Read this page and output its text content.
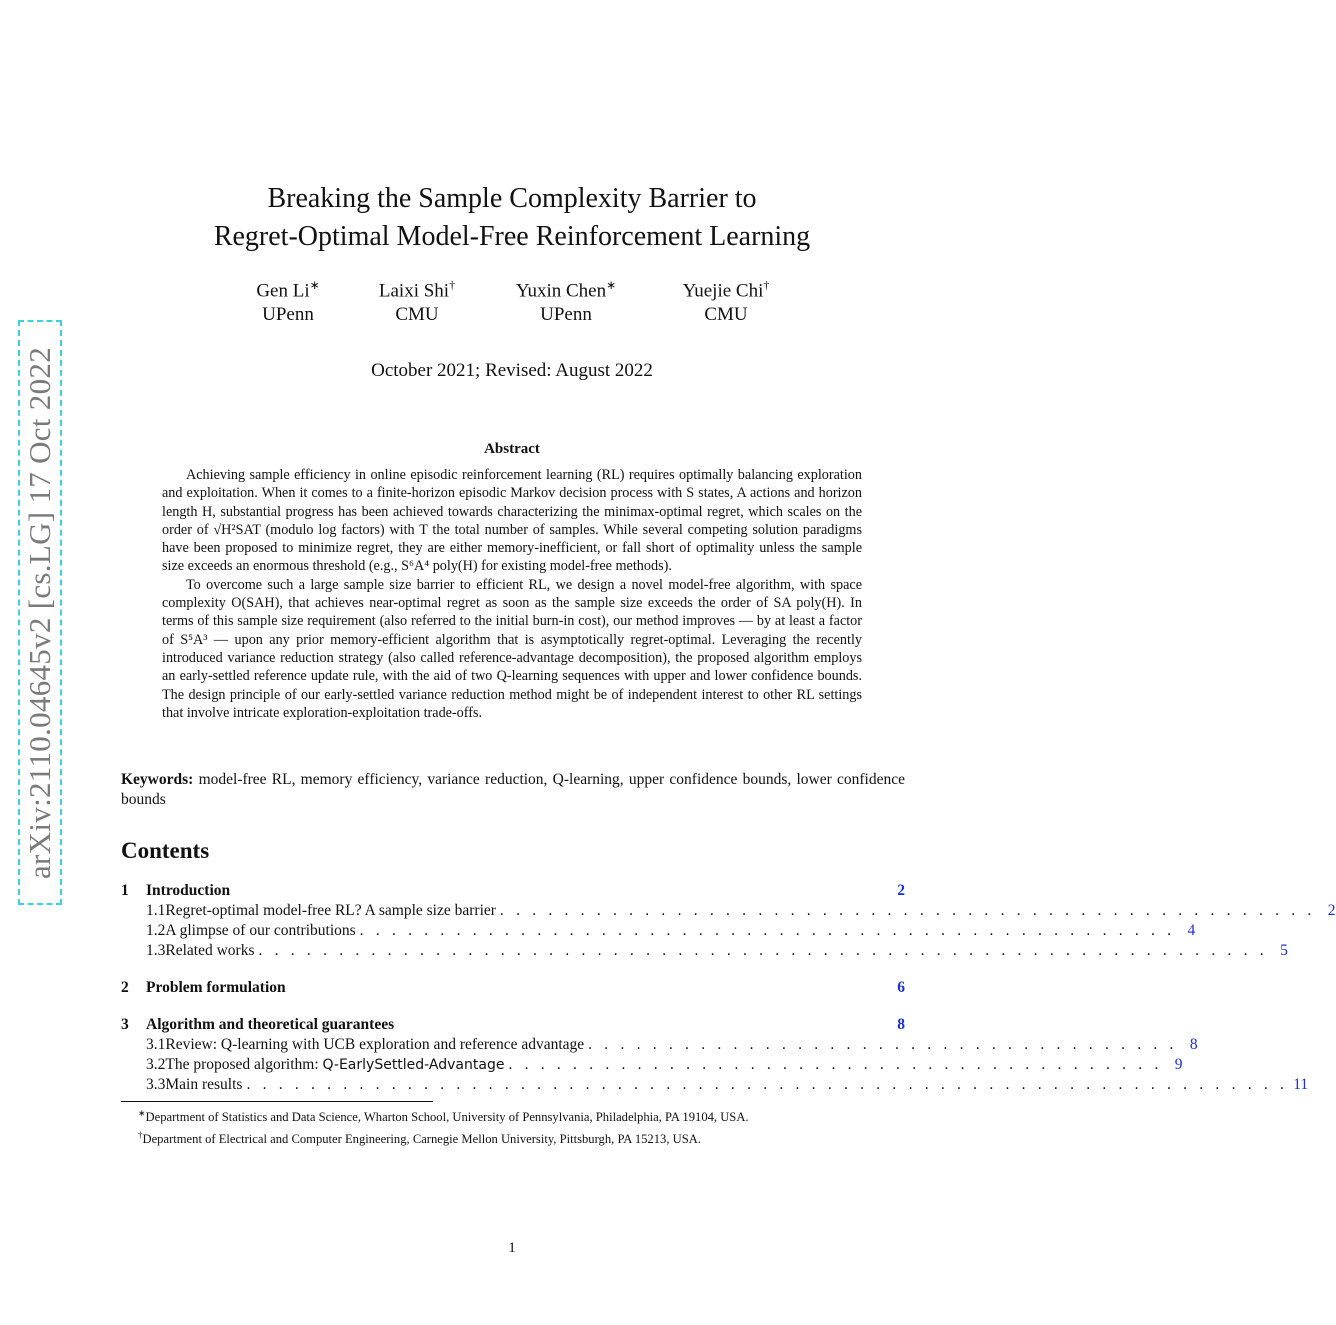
arXiv:2110.04645v2 [cs.LG] 17 Oct 2022
Breaking the Sample Complexity Barrier to
Regret-Optimal Model-Free Reinforcement Learning
Gen Li∗
UPenn
Laixi Shi†
CMU
Yuxin Chen∗
UPenn
Yuejie Chi†
CMU
October 2021; Revised: August 2022
Abstract

Achieving sample efficiency in online episodic reinforcement learning (RL) requires optimally balancing exploration and exploitation. When it comes to a finite-horizon episodic Markov decision process with S states, A actions and horizon length H, substantial progress has been achieved towards characterizing the minimax-optimal regret, which scales on the order of √H²SAT (modulo log factors) with T the total number of samples. While several competing solution paradigms have been proposed to minimize regret, they are either memory-inefficient, or fall short of optimality unless the sample size exceeds an enormous threshold (e.g., S⁶A⁴ poly(H) for existing model-free methods).

To overcome such a large sample size barrier to efficient RL, we design a novel model-free algorithm, with space complexity O(SAH), that achieves near-optimal regret as soon as the sample size exceeds the order of SA poly(H). In terms of this sample size requirement (also referred to the initial burn-in cost), our method improves — by at least a factor of S⁵A³ — upon any prior memory-efficient algorithm that is asymptotically regret-optimal. Leveraging the recently introduced variance reduction strategy (also called reference-advantage decomposition), the proposed algorithm employs an early-settled reference update rule, with the aid of two Q-learning sequences with upper and lower confidence bounds. The design principle of our early-settled variance reduction method might be of independent interest to other RL settings that involve intricate exploration-exploitation trade-offs.

Keywords: model-free RL, memory efficiency, variance reduction, Q-learning, upper confidence bounds, lower confidence bounds
Contents
1	Introduction	2
1.1 Regret-optimal model-free RL? A sample size barrier . . . . . . . . . . . . . . . . . . . . . . . . . . . . . . . . . . . . . . . . . . . . . . . . . . . 2
1.2 A glimpse of our contributions . . . . . . . . . . . . . . . . . . . . . . . . . . . . . . . . . . . . . . . . . . . . . . . . . . . 4
1.3 Related works . . . . . . . . . . . . . . . . . . . . . . . . . . . . . . . . . . . . . . . . . . . . . . . . . . . . . . . . . . . . . . . 5
2	Problem formulation	6
3	Algorithm and theoretical guarantees	8
3.1 Review: Q-learning with UCB exploration and reference advantage . . . . . . . . . . . . . . . . . . . . . . . . . . . . . . . . . . . . . 8
3.2 The proposed algorithm: Q-EarlySettled-Advantage . . . . . . . . . . . . . . . . . . . . . . . . . . . . . . . . . . . . . . . . . 9
3.3 Main results . . . . . . . . . . . . . . . . . . . . . . . . . . . . . . . . . . . . . . . . . . . . . . . . . . . . . . . . . . . . . . . . . 11
∗Department of Statistics and Data Science, Wharton School, University of Pennsylvania, Philadelphia, PA 19104, USA.
†Department of Electrical and Computer Engineering, Carnegie Mellon University, Pittsburgh, PA 15213, USA.
1
